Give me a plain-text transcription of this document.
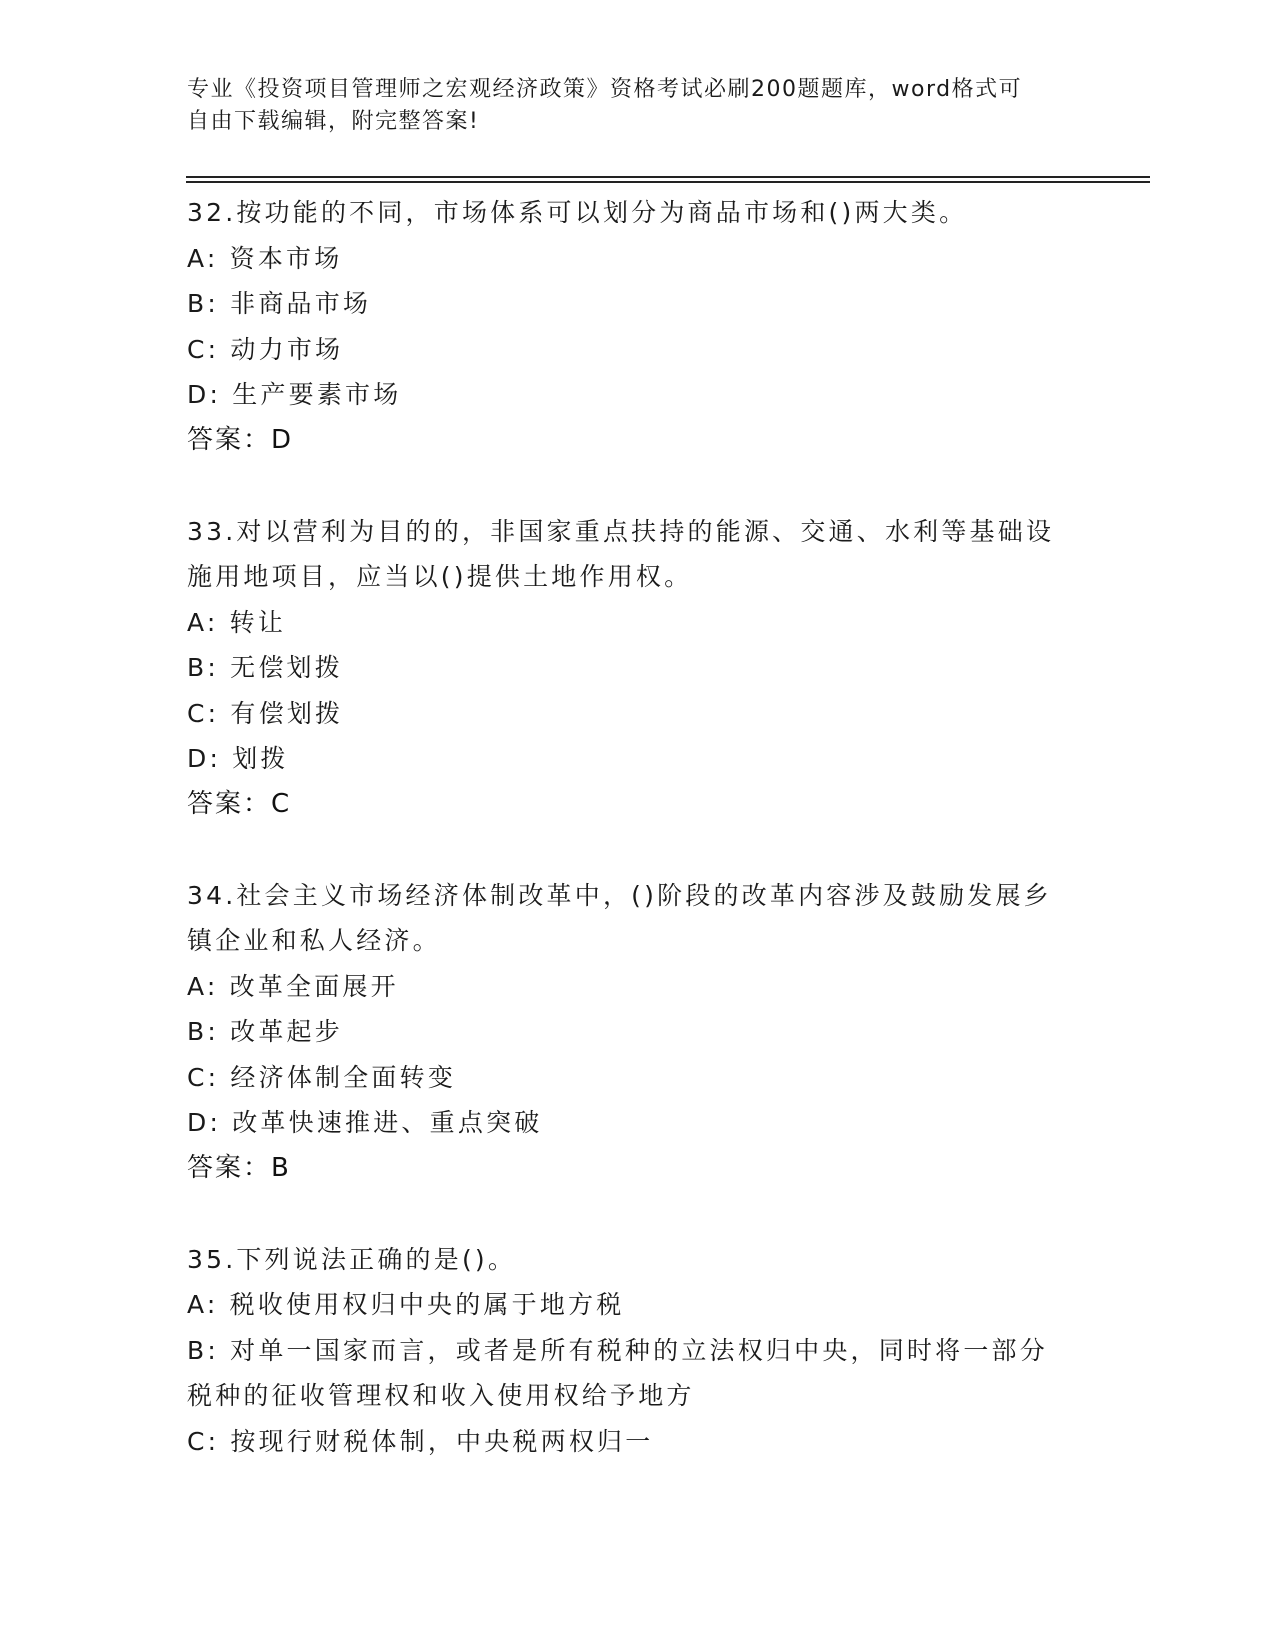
专业《投资项目管理师之宏观经济政策》资格考试必刷200题题库，word格式可
自由下载编辑，附完整答案!
32.按功能的不同，市场体系可以划分为商品市场和()两大类。
A: 资本市场
B: 非商品市场
C: 动力市场
D: 生产要素市场
答案：D
33.对以营利为目的的，非国家重点扶持的能源、交通、水利等基础设
施用地项目，应当以()提供土地作用权。
A: 转让
B: 无偿划拨
C: 有偿划拨
D: 划拨
答案：C
34.社会主义市场经济体制改革中，()阶段的改革内容涉及鼓励发展乡
镇企业和私人经济。
A: 改革全面展开
B: 改革起步
C: 经济体制全面转变
D: 改革快速推进、重点突破
答案：B
35.下列说法正确的是()。
A: 税收使用权归中央的属于地方税
B: 对单一国家而言，或者是所有税种的立法权归中央，同时将一部分
税种的征收管理权和收入使用权给予地方
C: 按现行财税体制，中央税两权归一
